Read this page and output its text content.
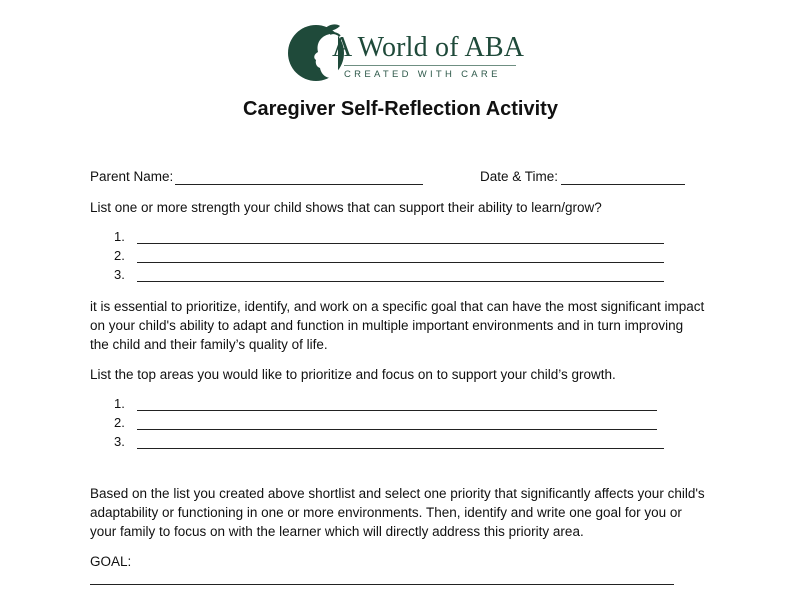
A World of ABA
CREATED WITH CARE
Caregiver Self-Reflection Activity
Parent Name:	Date & Time:
List one or more strength your child shows that can support their ability to learn/grow?
1.
2.
3.
it is essential to prioritize, identify, and work on a specific goal that can have the most significant impact
on your child's ability to adapt and function in multiple important environments and in turn improving
the child and their family’s quality of life.
List the top areas you would like to prioritize and focus on to support your child’s growth.
1.
2.
3.
Based on the list you created above shortlist and select one priority that significantly affects your child's
adaptability or functioning in one or more environments. Then, identify and write one goal for you or
your family to focus on with the learner which will directly address this priority area.
GOAL:
